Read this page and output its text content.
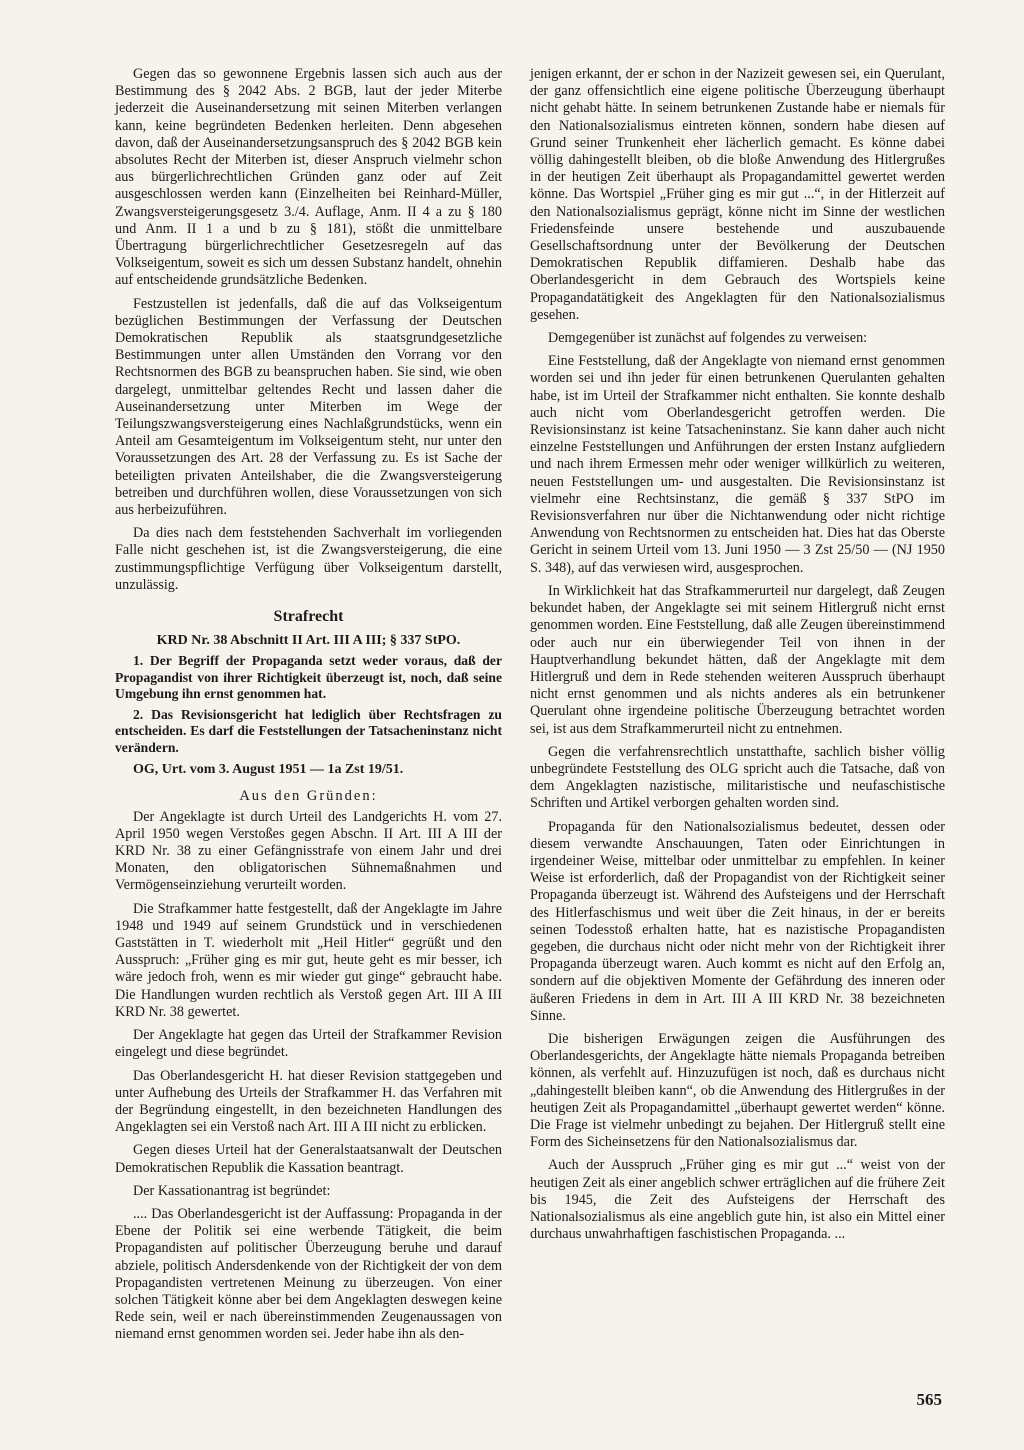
Gegen das so gewonnene Ergebnis lassen sich auch aus der Bestimmung des § 2042 Abs. 2 BGB, laut der jeder Miterbe jederzeit die Auseinandersetzung mit seinen Miterben verlangen kann, keine begründeten Bedenken herleiten. Denn abgesehen davon, daß der Auseinandersetzungsanspruch des § 2042 BGB kein absolutes Recht der Miterben ist, dieser Anspruch vielmehr schon aus bürgerlichrechtlichen Gründen ganz oder auf Zeit ausgeschlossen werden kann (Einzelheiten bei Reinhard-Müller, Zwangsversteigerungsgesetz 3./4. Auflage, Anm. II 4 a zu § 180 und Anm. II 1 a und b zu § 181), stößt die unmittelbare Übertragung bürgerlichrechtlicher Gesetzesregeln auf das Volkseigentum, soweit es sich um dessen Substanz handelt, ohnehin auf entscheidende grundsätzliche Bedenken.

Festzustellen ist jedenfalls, daß die auf das Volkseigentum bezüglichen Bestimmungen der Verfassung der Deutschen Demokratischen Republik als staatsgrundgesetzliche Bestimmungen unter allen Umständen den Vorrang vor den Rechtsnormen des BGB zu beanspruchen haben. Sie sind, wie oben dargelegt, unmittelbar geltendes Recht und lassen daher die Auseinandersetzung unter Miterben im Wege der Teilungszwangsversteigerung eines Nachlaßgrundstücks, wenn ein Anteil am Gesamteigentum im Volkseigentum steht, nur unter den Voraussetzungen des Art. 28 der Verfassung zu. Es ist Sache der beteiligten privaten Anteilshaber, die die Zwangsversteigerung betreiben und durchführen wollen, diese Voraussetzungen von sich aus herbeizuführen.

Da dies nach dem feststehenden Sachverhalt im vorliegenden Falle nicht geschehen ist, ist die Zwangsversteigerung, die eine zustimmungspflichtige Verfügung über Volkseigentum darstellt, unzulässig.

Strafrecht

KRD Nr. 38 Abschnitt II Art. III A III; § 337 StPO.

1. Der Begriff der Propaganda setzt weder voraus, daß der Propagandist von ihrer Richtigkeit überzeugt ist, noch, daß seine Umgebung ihn ernst genommen hat.

2. Das Revisionsgericht hat lediglich über Rechtsfragen zu entscheiden. Es darf die Feststellungen der Tatsacheninstanz nicht verändern.

OG, Urt. vom 3. August 1951 — 1a Zst 19/51.

Aus den Gründen:

Der Angeklagte ist durch Urteil des Landgerichts H. vom 27. April 1950 wegen Verstoßes gegen Abschn. II Art. III A III der KRD Nr. 38 zu einer Gefängnisstrafe von einem Jahr und drei Monaten, den obligatorischen Sühnemaßnahmen und Vermögenseinziehung verurteilt worden.

Die Strafkammer hatte festgestellt, daß der Angeklagte im Jahre 1948 und 1949 auf seinem Grundstück und in verschiedenen Gaststätten in T. wiederholt mit „Heil Hitler“ gegrüßt und den Ausspruch: „Früher ging es mir gut, heute geht es mir besser, ich wäre jedoch froh, wenn es mir wieder gut ginge“ gebraucht habe. Die Handlungen wurden rechtlich als Verstoß gegen Art. III A III KRD Nr. 38 gewertet.

Der Angeklagte hat gegen das Urteil der Strafkammer Revision eingelegt und diese begründet.

Das Oberlandesgericht H. hat dieser Revision stattgegeben und unter Aufhebung des Urteils der Strafkammer H. das Verfahren mit der Begründung eingestellt, in den bezeichneten Handlungen des Angeklagten sei ein Verstoß nach Art. III A III nicht zu erblicken.

Gegen dieses Urteil hat der Generalstaatsanwalt der Deutschen Demokratischen Republik die Kassation beantragt.

Der Kassationantrag ist begründet:

.... Das Oberlandesgericht ist der Auffassung: Propaganda in der Ebene der Politik sei eine werbende Tätigkeit, die beim Propagandisten auf politischer Überzeugung beruhe und darauf abziele, politisch Andersdenkende von der Richtigkeit der von dem Propagandisten vertretenen Meinung zu überzeugen. Von einer solchen Tätigkeit könne aber bei dem Angeklagten deswegen keine Rede sein, weil er nach übereinstimmenden Zeugenaussagen von niemand ernst genommen worden sei. Jeder habe ihn als den-

jenigen erkannt, der er schon in der Nazizeit gewesen sei, ein Querulant, der ganz offensichtlich eine eigene politische Überzeugung überhaupt nicht gehabt hätte. In seinem betrunkenen Zustande habe er niemals für den Nationalsozialismus eintreten können, sondern habe diesen auf Grund seiner Trunkenheit eher lächerlich gemacht. Es könne dabei völlig dahingestellt bleiben, ob die bloße Anwendung des Hitlergrußes in der heutigen Zeit überhaupt als Propagandamittel gewertet werden könne. Das Wortspiel „Früher ging es mir gut ...“, in der Hitlerzeit auf den Nationalsozialismus geprägt, könne nicht im Sinne der westlichen Friedensfeinde unsere bestehende und auszubauende Gesellschaftsordnung unter der Bevölkerung der Deutschen Demokratischen Republik diffamieren. Deshalb habe das Oberlandesgericht in dem Gebrauch des Wortspiels keine Propagandatätigkeit des Angeklagten für den Nationalsozialismus gesehen.

Demgegenüber ist zunächst auf folgendes zu verweisen:

Eine Feststellung, daß der Angeklagte von niemand ernst genommen worden sei und ihn jeder für einen betrunkenen Querulanten gehalten habe, ist im Urteil der Strafkammer nicht enthalten. Sie konnte deshalb auch nicht vom Oberlandesgericht getroffen werden. Die Revisionsinstanz ist keine Tatsacheninstanz. Sie kann daher auch nicht einzelne Feststellungen und Anführungen der ersten Instanz aufgliedern und nach ihrem Ermessen mehr oder weniger willkürlich zu weiteren, neuen Feststellungen um- und ausgestalten. Die Revisionsinstanz ist vielmehr eine Rechtsinstanz, die gemäß § 337 StPO im Revisionsverfahren nur über die Nichtanwendung oder nicht richtige Anwendung von Rechtsnormen zu entscheiden hat. Dies hat das Oberste Gericht in seinem Urteil vom 13. Juni 1950 — 3 Zst 25/50 — (NJ 1950 S. 348), auf das verwiesen wird, ausgesprochen.

In Wirklichkeit hat das Strafkammerurteil nur dargelegt, daß Zeugen bekundet haben, der Angeklagte sei mit seinem Hitlergruß nicht ernst genommen worden. Eine Feststellung, daß alle Zeugen übereinstimmend oder auch nur ein überwiegender Teil von ihnen in der Hauptverhandlung bekundet hätten, daß der Angeklagte mit dem Hitlergruß und dem in Rede stehenden weiteren Ausspruch überhaupt nicht ernst genommen und als nichts anderes als ein betrunkener Querulant ohne irgendeine politische Überzeugung betrachtet worden sei, ist aus dem Strafkammerurteil nicht zu entnehmen.

Gegen die verfahrensrechtlich unstatthafte, sachlich bisher völlig unbegründete Feststellung des OLG spricht auch die Tatsache, daß von dem Angeklagten nazistische, militaristische und neufaschistische Schriften und Artikel verborgen gehalten worden sind.

Propaganda für den Nationalsozialismus bedeutet, dessen oder diesem verwandte Anschauungen, Taten oder Einrichtungen in irgendeiner Weise, mittelbar oder unmittelbar zu empfehlen. In keiner Weise ist erforderlich, daß der Propagandist von der Richtigkeit seiner Propaganda überzeugt ist. Während des Aufsteigens und der Herrschaft des Hitlerfaschismus und weit über die Zeit hinaus, in der er bereits seinen Todesstoß erhalten hatte, hat es nazistische Propagandisten gegeben, die durchaus nicht oder nicht mehr von der Richtigkeit ihrer Propaganda überzeugt waren. Auch kommt es nicht auf den Erfolg an, sondern auf die objektiven Momente der Gefährdung des inneren oder äußeren Friedens in dem in Art. III A III KRD Nr. 38 bezeichneten Sinne.

Die bisherigen Erwägungen zeigen die Ausführungen des Oberlandesgerichts, der Angeklagte hätte niemals Propaganda betreiben können, als verfehlt auf. Hinzuzufügen ist noch, daß es durchaus nicht „dahingestellt bleiben kann“, ob die Anwendung des Hitlergrußes in der heutigen Zeit als Propagandamittel „überhaupt gewertet werden“ könne. Die Frage ist vielmehr unbedingt zu bejahen. Der Hitlergruß stellt eine Form des Sicheinsetzens für den Nationalsozialismus dar.

Auch der Ausspruch „Früher ging es mir gut ...“ weist von der heutigen Zeit als einer angeblich schwer erträglichen auf die frühere Zeit bis 1945, die Zeit des Aufsteigens der Herrschaft des Nationalsozialismus als eine angeblich gute hin, ist also ein Mittel einer durchaus unwahrhaftigen faschistischen Propaganda. ...

565
